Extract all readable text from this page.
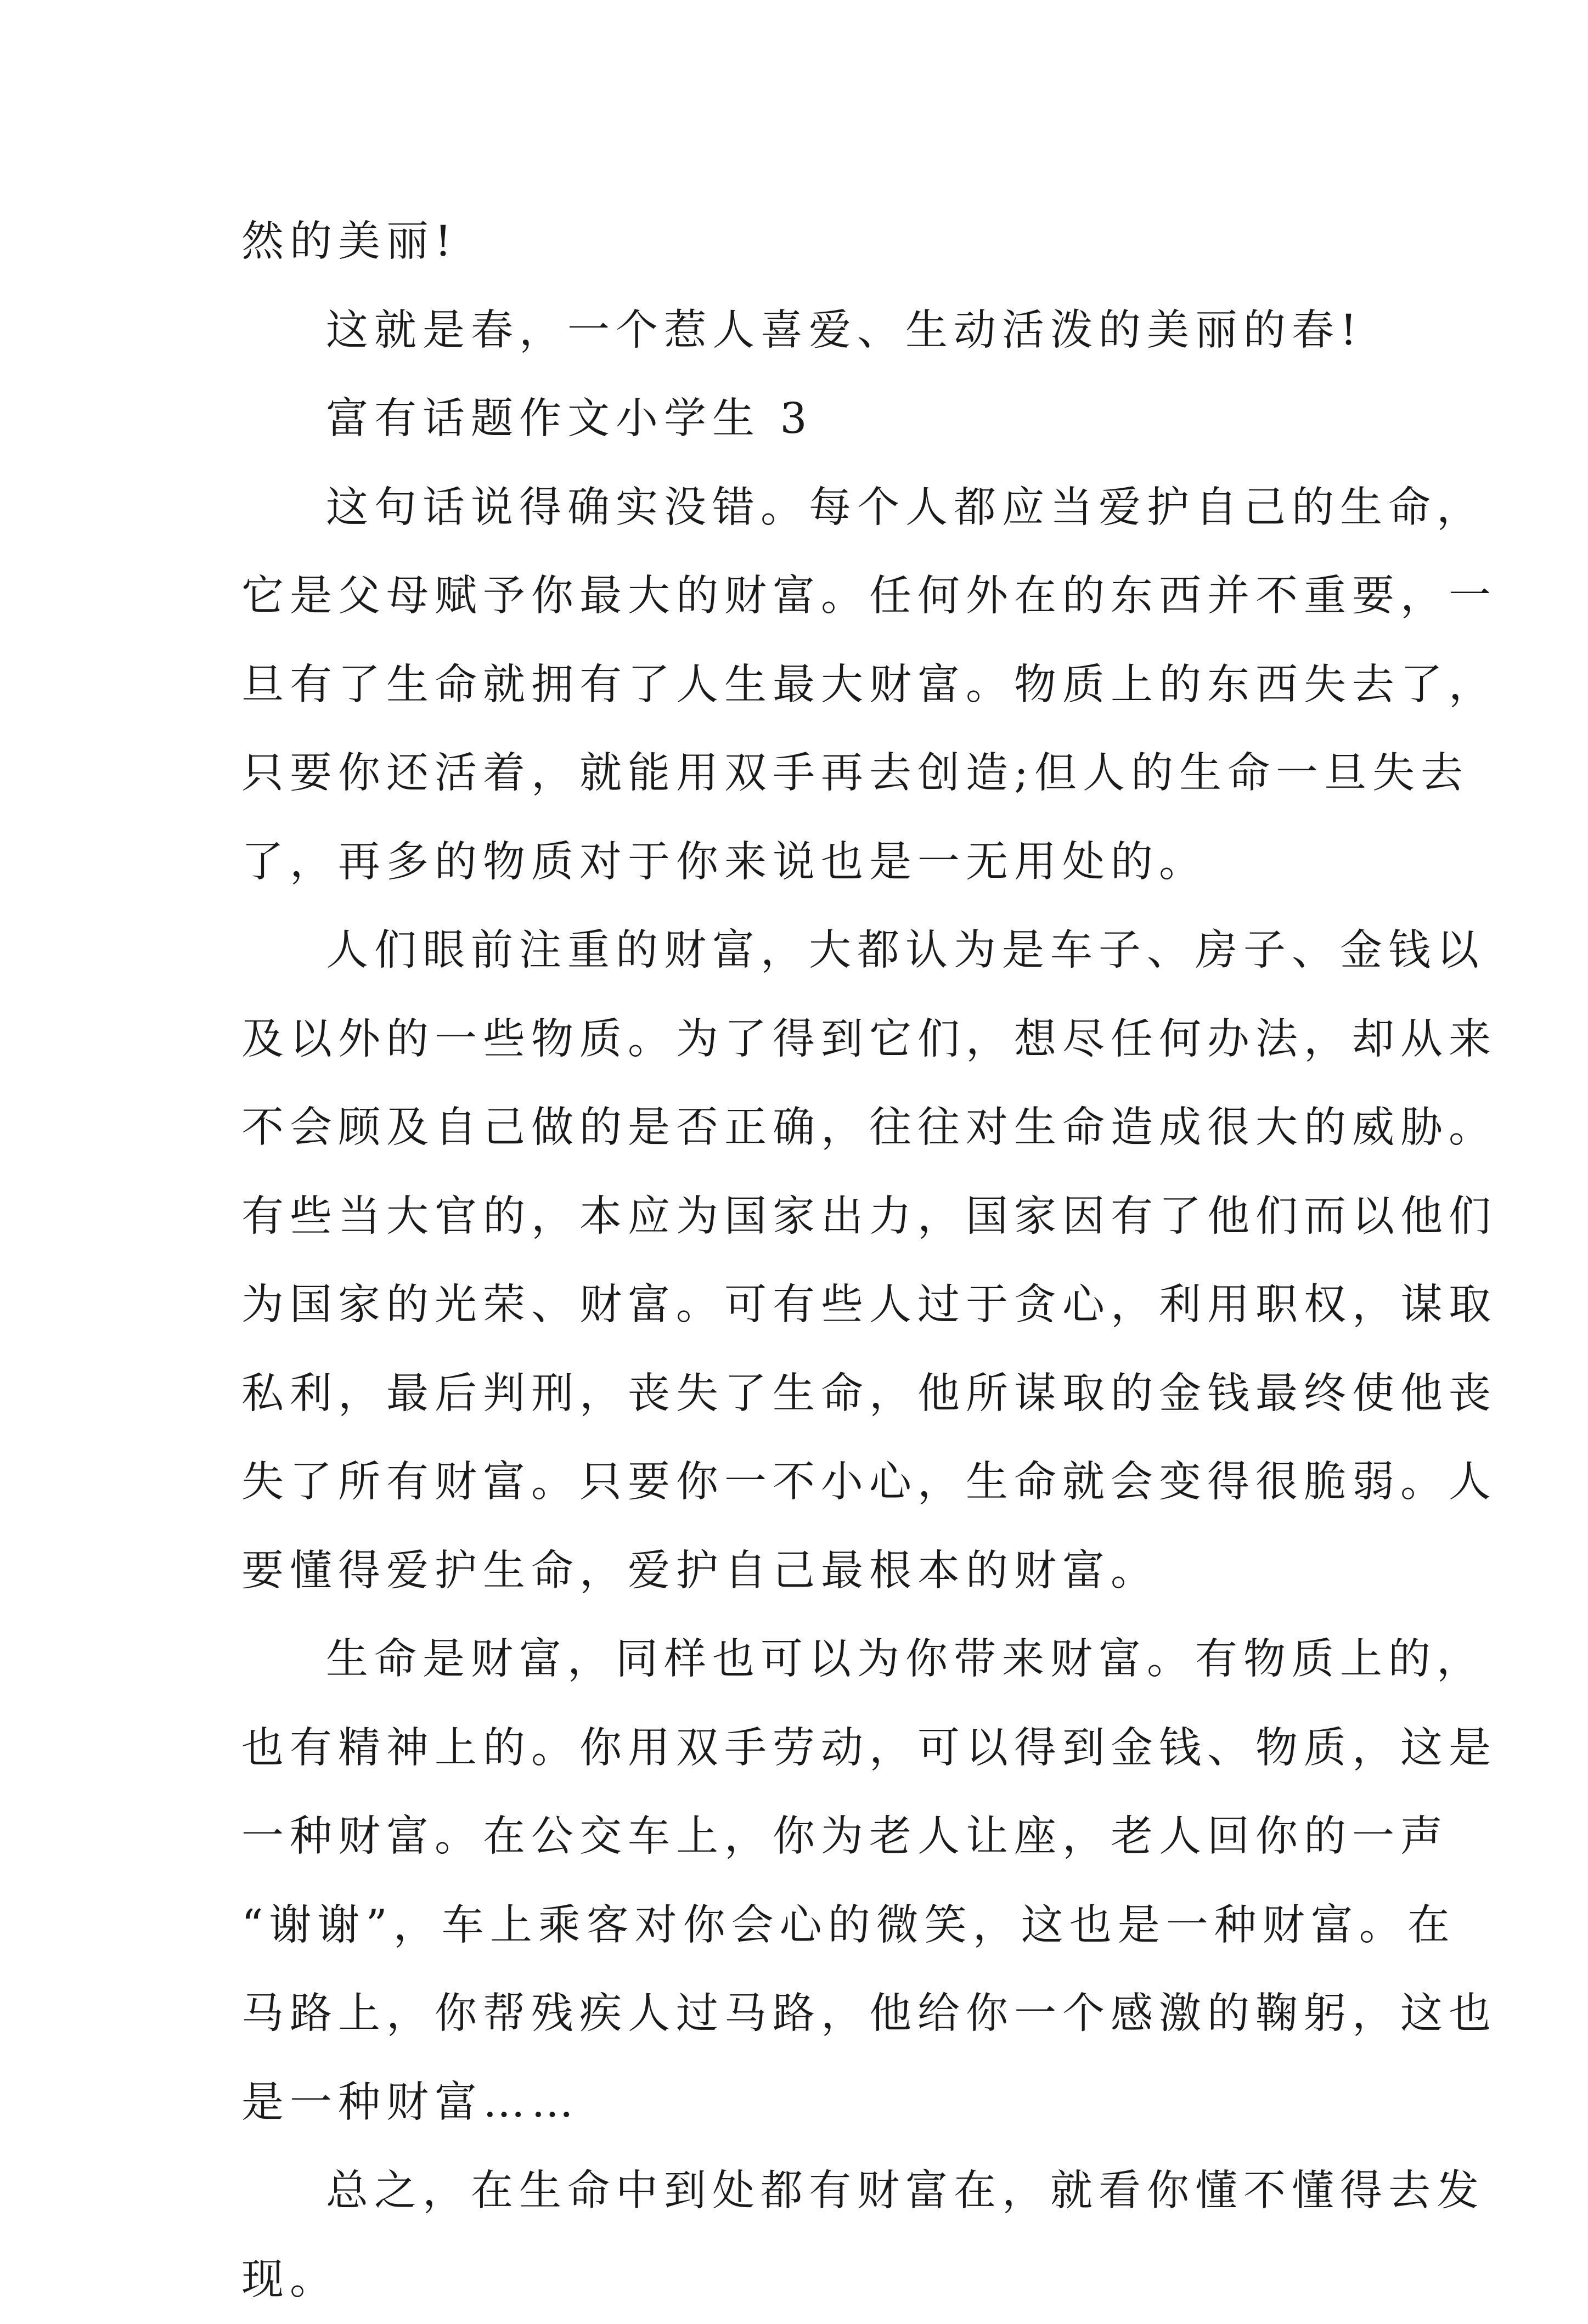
然的美丽!
这就是春，一个惹人喜爱、生动活泼的美丽的春!
富有话题作文小学生 3
这句话说得确实没错。每个人都应当爱护自己的生命，
它是父母赋予你最大的财富。任何外在的东西并不重要，一
旦有了生命就拥有了人生最大财富。物质上的东西失去了，
只要你还活着，就能用双手再去创造;但人的生命一旦失去
了，再多的物质对于你来说也是一无用处的。
人们眼前注重的财富，大都认为是车子、房子、金钱以
及以外的一些物质。为了得到它们，想尽任何办法，却从来
不会顾及自己做的是否正确，往往对生命造成很大的威胁。
有些当大官的，本应为国家出力，国家因有了他们而以他们
为国家的光荣、财富。可有些人过于贪心，利用职权，谋取
私利，最后判刑，丧失了生命，他所谋取的金钱最终使他丧
失了所有财富。只要你一不小心，生命就会变得很脆弱。人
要懂得爱护生命，爱护自己最根本的财富。
生命是财富，同样也可以为你带来财富。有物质上的，
也有精神上的。你用双手劳动，可以得到金钱、物质，这是
一种财富。在公交车上，你为老人让座，老人回你的一声
“谢谢”，车上乘客对你会心的微笑，这也是一种财富。在
马路上，你帮残疾人过马路，他给你一个感激的鞠躬，这也
是一种财富……
总之，在生命中到处都有财富在，就看你懂不懂得去发
现。
